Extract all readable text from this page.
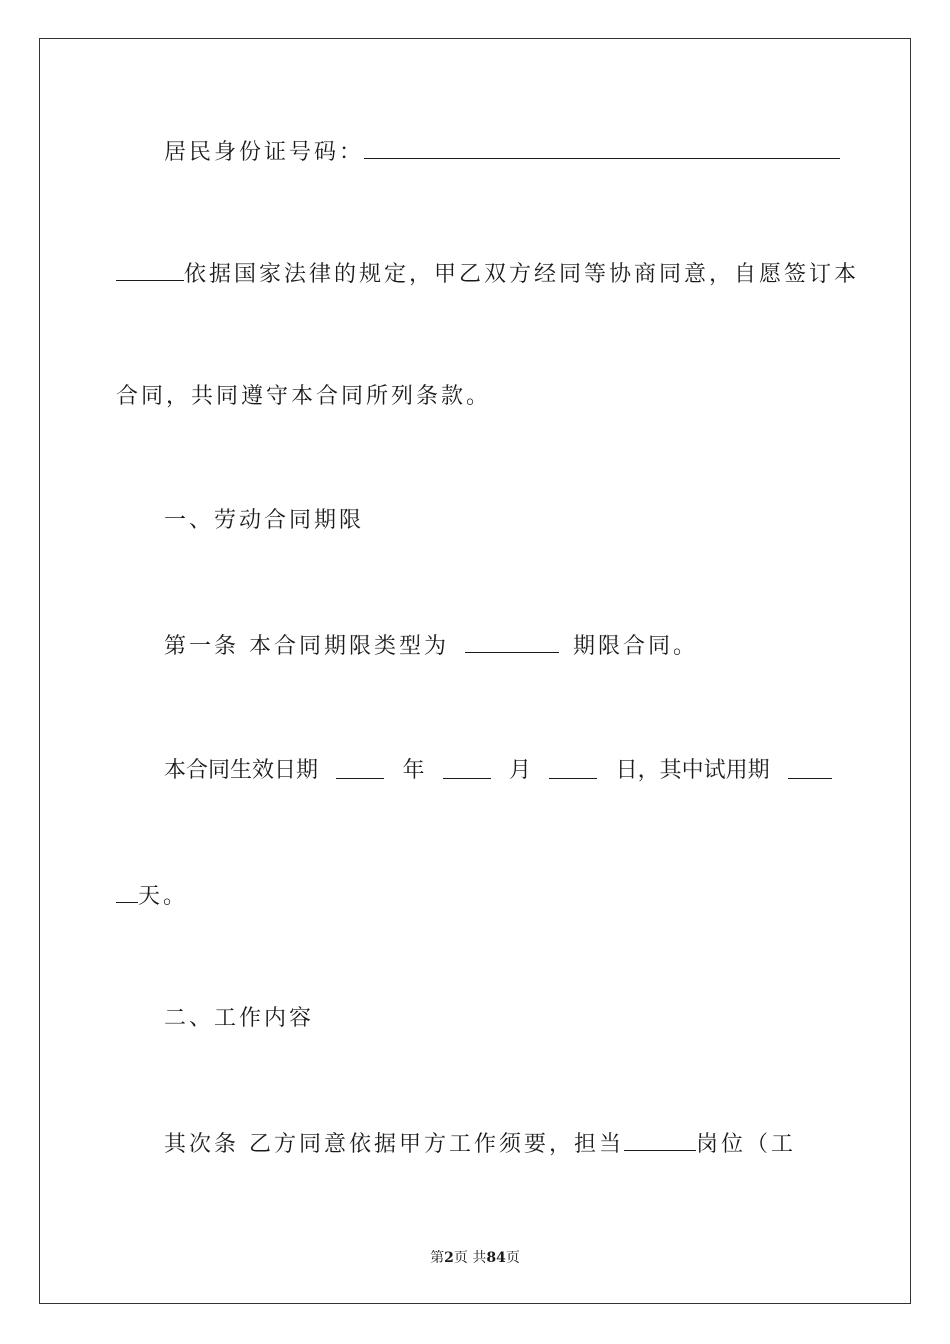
居民身份证号码：
依据国家法律的规定，甲乙双方经同等协商同意，自愿签订本
合同，共同遵守本合同所列条款。
一、劳动合同期限
第一条 本合同期限类型为	期限合同。
本合同生效日期	年	月	日，其中试用期
天。
二、工作内容
其次条 乙方同意依据甲方工作须要，担当	岗位（工
第2页 共84页
